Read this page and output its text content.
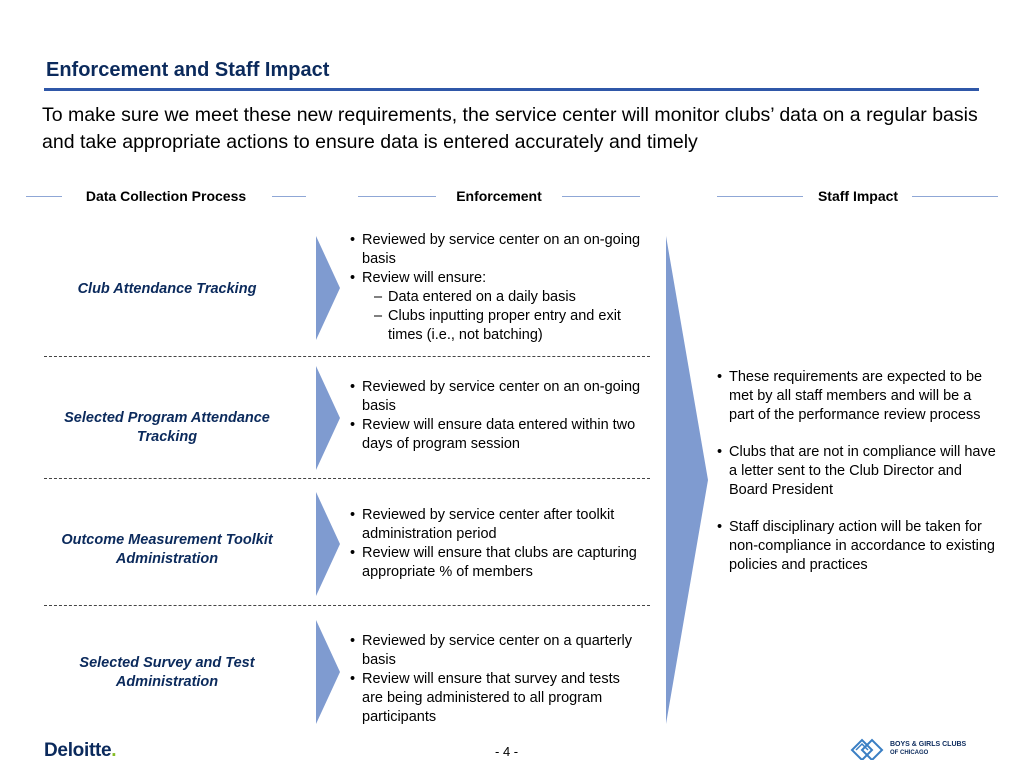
Enforcement and Staff Impact
To make sure we meet these new requirements, the service center will monitor clubs’ data on a regular basis and take appropriate actions to ensure data is entered accurately and timely
Data Collection Process	Enforcement	Staff Impact
Club Attendance Tracking
• Reviewed by service center on an on-going basis
• Review will ensure:
– Data entered on a daily basis
– Clubs inputting proper entry and exit times (i.e., not batching)
Selected Program Attendance Tracking
• Reviewed by service center on an on-going basis
• Review will ensure data entered within two days of program session
Outcome Measurement Toolkit Administration
• Reviewed by service center after toolkit administration period
• Review will ensure that clubs are capturing appropriate % of members
Selected Survey and Test Administration
• Reviewed by service center on a quarterly basis
• Review will ensure that survey and tests are being administered to all program participants
• These requirements are expected to be met by all staff members and will be a part of the performance review process
• Clubs that are not in compliance will have a letter sent to the Club Director and Board President
• Staff disciplinary action will be taken for non-compliance in accordance to existing policies and practices
Deloitte.	- 4 -	BOYS & GIRLS CLUBS
OF CHICAGO
